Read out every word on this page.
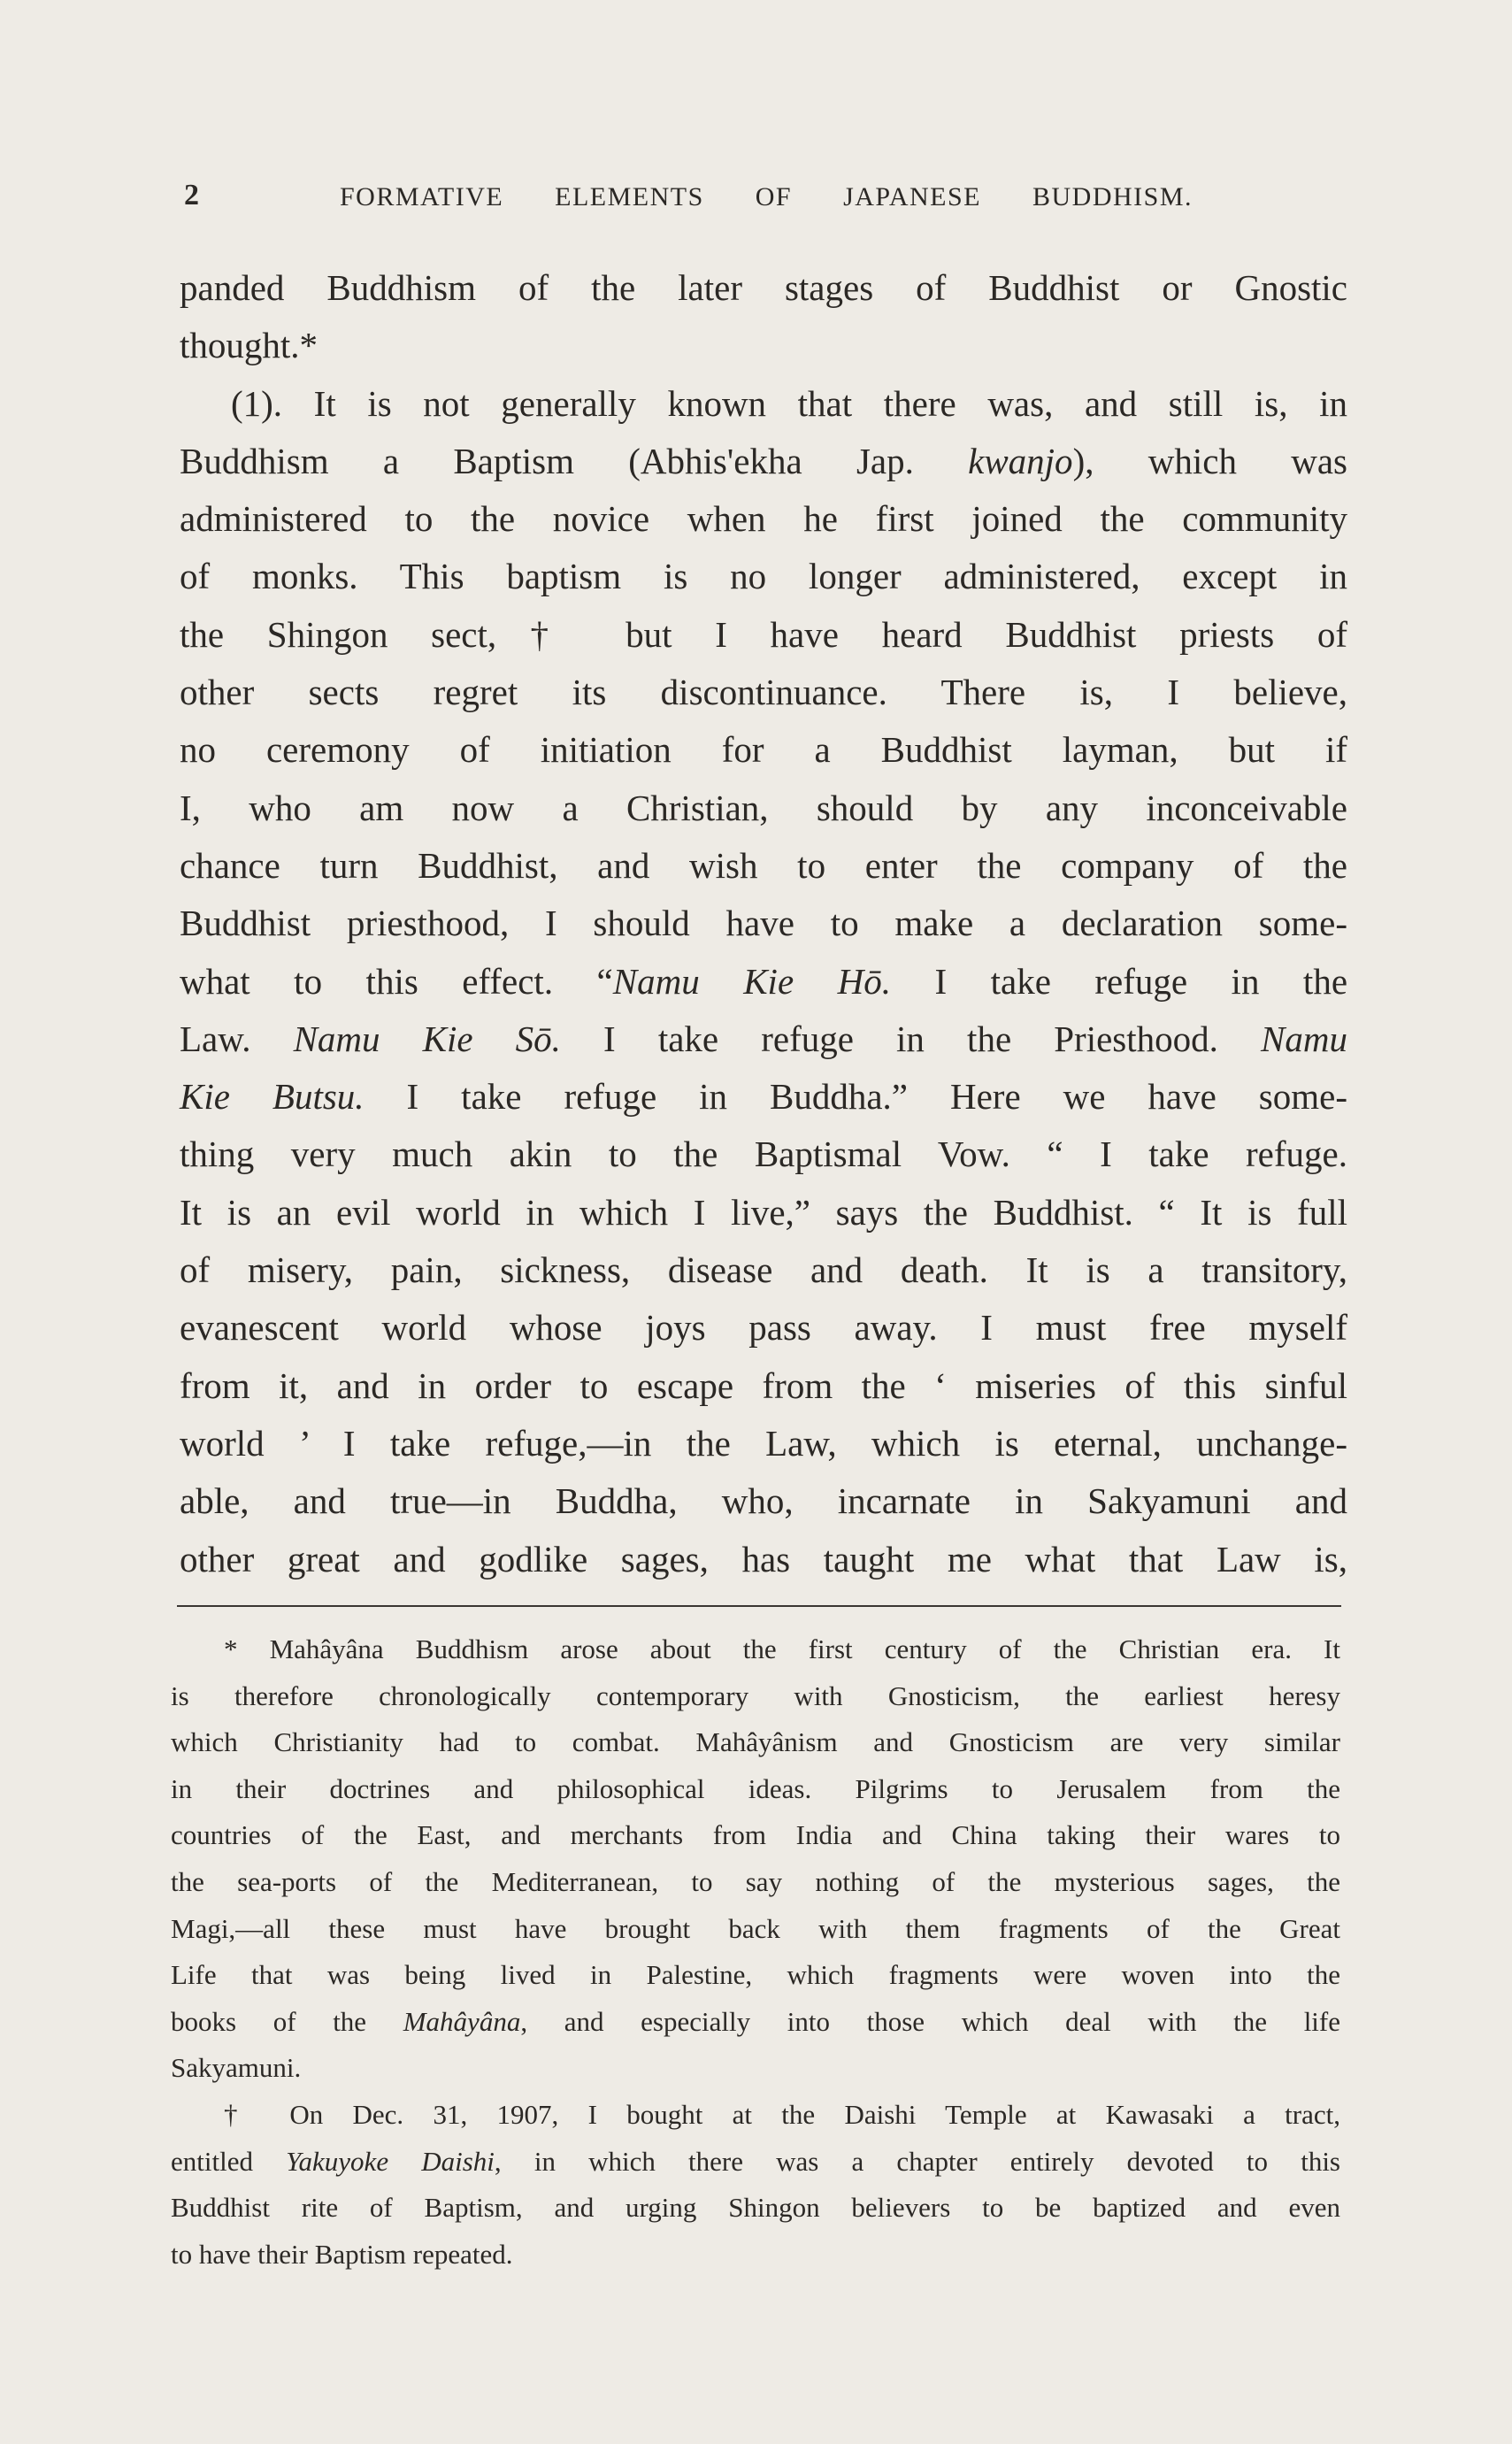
2	FORMATIVE ELEMENTS OF JAPANESE BUDDHISM.
panded Buddhism of the later stages of Buddhist or Gnostic
thought.*
(1). It is not generally known that there was, and still is, in
Buddhism a Baptism (Abhis'ekha Jap. kwanjo), which was
administered to the novice when he first joined the community
of monks. This baptism is no longer administered, except in
the Shingon sect,† but I have heard Buddhist priests of
other sects regret its discontinuance. There is, I believe,
no ceremony of initiation for a Buddhist layman, but if
I, who am now a Christian, should by any inconceivable
chance turn Buddhist, and wish to enter the company of the
Buddhist priesthood, I should have to make a declaration some-
what to this effect. “Namu Kie Hō. I take refuge in the
Law. Namu Kie Sō. I take refuge in the Priesthood. Namu
Kie Butsu. I take refuge in Buddha.” Here we have some-
thing very much akin to the Baptismal Vow. “ I take refuge.
It is an evil world in which I live,” says the Buddhist. “ It is full
of misery, pain, sickness, disease and death. It is a transitory,
evanescent world whose joys pass away. I must free myself
from it, and in order to escape from the ‘ miseries of this sinful
world ’ I take refuge,—in the Law, which is eternal, unchange-
able, and true—in Buddha, who, incarnate in Sakyamuni and
other great and godlike sages, has taught me what that Law is,
* Mahâyâna Buddhism arose about the first century of the Christian era. It
is therefore chronologically contemporary with Gnosticism, the earliest heresy
which Christianity had to combat. Mahâyânism and Gnosticism are very similar
in their doctrines and philosophical ideas. Pilgrims to Jerusalem from the
countries of the East, and merchants from India and China taking their wares to
the sea-ports of the Mediterranean, to say nothing of the mysterious sages, the
Magi,—all these must have brought back with them fragments of the Great
Life that was being lived in Palestine, which fragments were woven into the
books of the Mahâyâna, and especially into those which deal with the life
Sakyamuni.
† On Dec. 31, 1907, I bought at the Daishi Temple at Kawasaki a tract,
entitled Yakuyoke Daishi, in which there was a chapter entirely devoted to this
Buddhist rite of Baptism, and urging Shingon believers to be baptized and even
to have their Baptism repeated.
